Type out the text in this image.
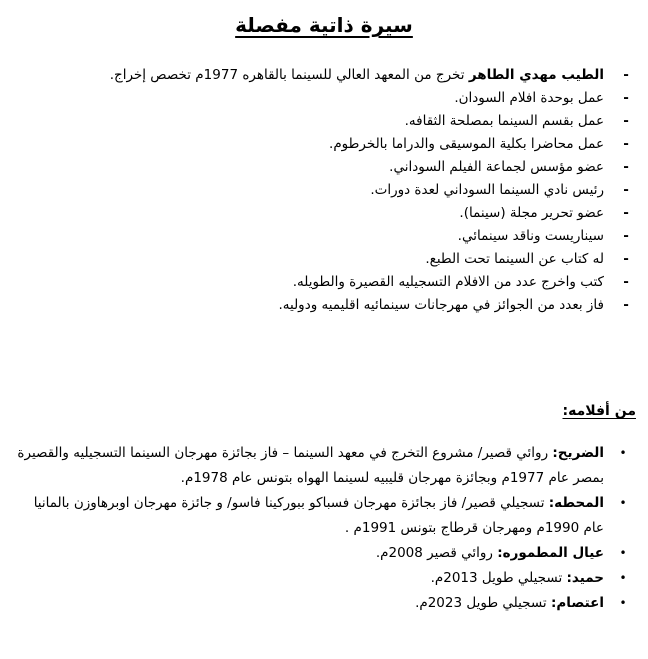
سيرة ذاتية مفصلة
-
الطيب مهدي الطاهر تخرج من المعهد العالي للسينما بالقاهره 1977م تخصص إخراج.
-
عمل بوحدة افلام السودان.
-
عمل بقسم السينما بمصلحة الثقافه.
-
عمل محاضرا بكلية الموسيقى والدراما بالخرطوم.
-
عضو مؤسس لجماعة الفيلم السوداني.
-
رئيس نادي السينما السوداني لعدة دورات.
-
عضو تحرير مجلة (سينما).
-
سيناريست وناقد سينمائي.
-
له كتاب عن السينما تحت الطبع.
-
كتب واخرج عدد من الافلام التسجيليه القصيرة والطويله.
-
فاز بعدد من الجوائز في مهرجانات سينمائيه اقليميه ودوليه.
من أفلامه:
•
الضريح: روائي قصير/ مشروع التخرج في معهد السينما – فاز بجائزة مهرجان السينما التسجيليه والقصيرة بمصر عام 1977م وبجائزة مهرجان قليبيه لسينما الهواه بتونس عام 1978م.
•
المحطه: تسجيلي قصير/ فاز بجائزة مهرجان فسباكو ببوركينا فاسو/ و جائزة مهرجان اوبرهاوزن بالمانيا عام 1990م ومهرجان قرطاج بتونس 1991م .
•
عيال المطموره: روائي قصير 2008م.
•
حميد: تسجيلي طويل 2013م.
•
اعتصام: تسجيلي طويل 2023م.
